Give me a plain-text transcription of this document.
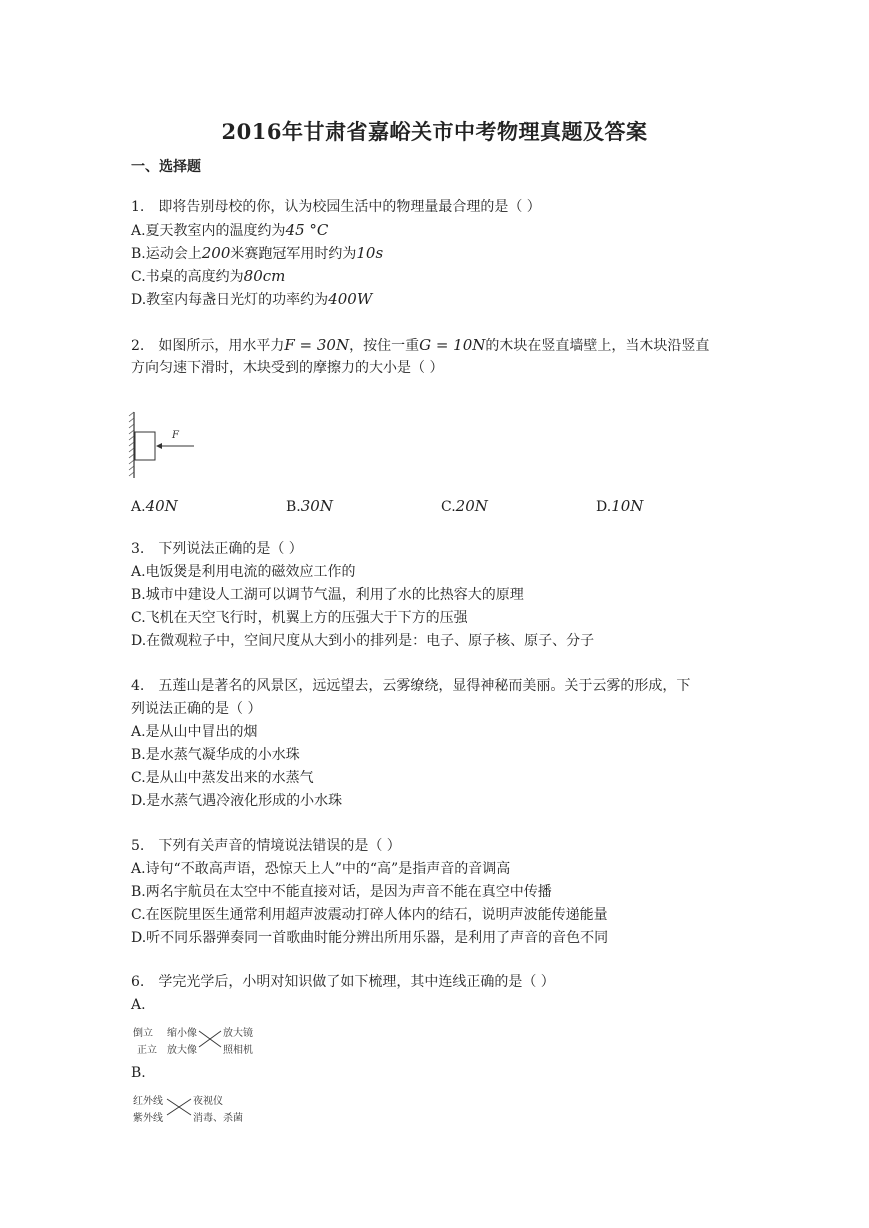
2016年甘肃省嘉峪关市中考物理真题及答案
一、选择题
1.　即将告别母校的你，认为校园生活中的物理量最合理的是（ ）
A.夏天教室内的温度约为45 °C
B.运动会上200米赛跑冠军用时约为10s
C.书桌的高度约为80cm
D.教室内每盏日光灯的功率约为400W
2.　如图所示，用水平力F = 30N，按住一重G = 10N的木块在竖直墙壁上，当木块沿竖直
方向匀速下滑时，木块受到的摩擦力的大小是（ ）
F
A.40N	B.30N	C.20N	D.10N
3.　下列说法正确的是（ ）
A.电饭煲是利用电流的磁效应工作的
B.城市中建设人工湖可以调节气温，利用了水的比热容大的原理
C.飞机在天空飞行时，机翼上方的压强大于下方的压强
D.在微观粒子中，空间尺度从大到小的排列是：电子、原子核、原子、分子
4.　五莲山是著名的风景区，远远望去，云雾缭绕，显得神秘而美丽。关于云雾的形成，下
列说法正确的是（ ）
A.是从山中冒出的烟
B.是水蒸气凝华成的小水珠
C.是从山中蒸发出来的水蒸气
D.是水蒸气遇冷液化形成的小水珠
5.　下列有关声音的情境说法错误的是（ ）
A.诗句“不敢高声语，恐惊天上人”中的“高”是指声音的音调高
B.两名宇航员在太空中不能直接对话，是因为声音不能在真空中传播
C.在医院里医生通常利用超声波震动打碎人体内的结石，说明声波能传递能量
D.听不同乐器弹奏同一首歌曲时能分辨出所用乐器，是利用了声音的音色不同
6.　学完光学后，小明对知识做了如下梳理，其中连线正确的是（ ）
A.
倒立
正立
缩小像
放大像
放大镜
照相机
B.
红外线
紫外线
夜视仪
消毒、杀菌
